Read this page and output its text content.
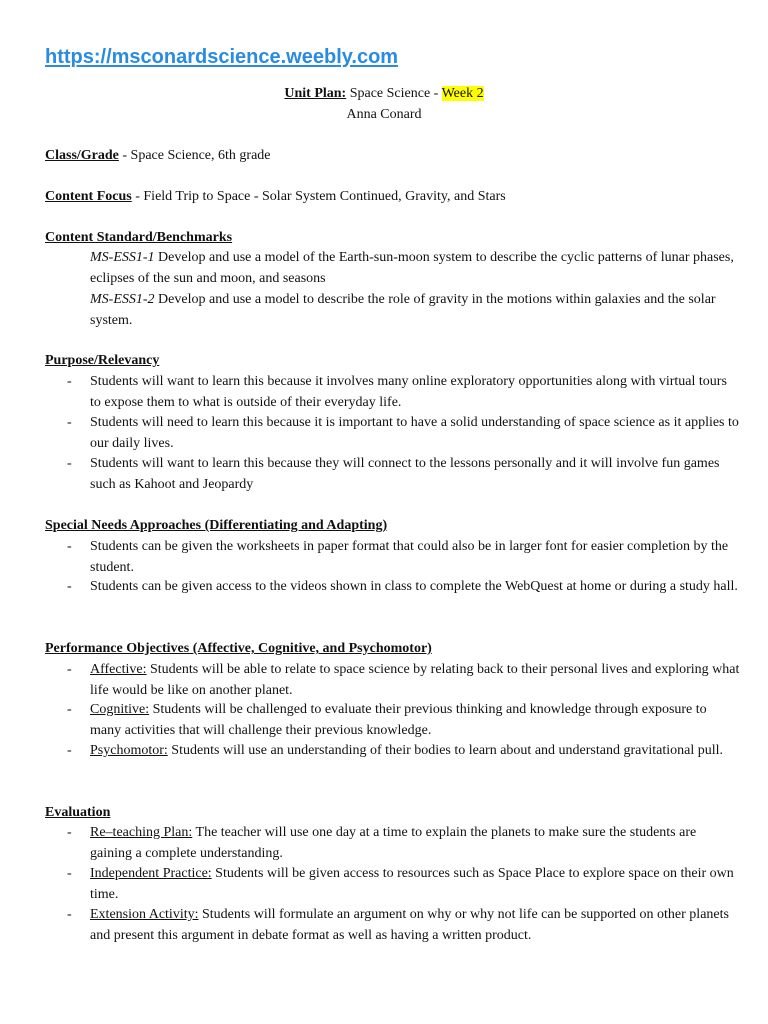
https://msconardscience.weebly.com
Unit Plan: Space Science - Week 2
Anna Conard
Class/Grade - Space Science, 6th grade
Content Focus - Field Trip to Space - Solar System Continued, Gravity, and Stars
Content Standard/Benchmarks
MS-ESS1-1 Develop and use a model of the Earth-sun-moon system to describe the cyclic patterns of lunar phases, eclipses of the sun and moon, and seasons
MS-ESS1-2 Develop and use a model to describe the role of gravity in the motions within galaxies and the solar system.
Purpose/Relevancy
- Students will want to learn this because it involves many online exploratory opportunities along with virtual tours to expose them to what is outside of their everyday life.
- Students will need to learn this because it is important to have a solid understanding of space science as it applies to our daily lives.
- Students will want to learn this because they will connect to the lessons personally and it will involve fun games such as Kahoot and Jeopardy
Special Needs Approaches (Differentiating and Adapting)
- Students can be given the worksheets in paper format that could also be in larger font for easier completion by the student.
- Students can be given access to the videos shown in class to complete the WebQuest at home or during a study hall.
Performance Objectives (Affective, Cognitive, and Psychomotor)
- Affective: Students will be able to relate to space science by relating back to their personal lives and exploring what life would be like on another planet.
- Cognitive: Students will be challenged to evaluate their previous thinking and knowledge through exposure to many activities that will challenge their previous knowledge.
- Psychomotor: Students will use an understanding of their bodies to learn about and understand gravitational pull.
Evaluation
- Re–teaching Plan: The teacher will use one day at a time to explain the planets to make sure the students are gaining a complete understanding.
- Independent Practice: Students will be given access to resources such as Space Place to explore space on their own time.
- Extension Activity: Students will formulate an argument on why or why not life can be supported on other planets and present this argument in debate format as well as having a written product.
